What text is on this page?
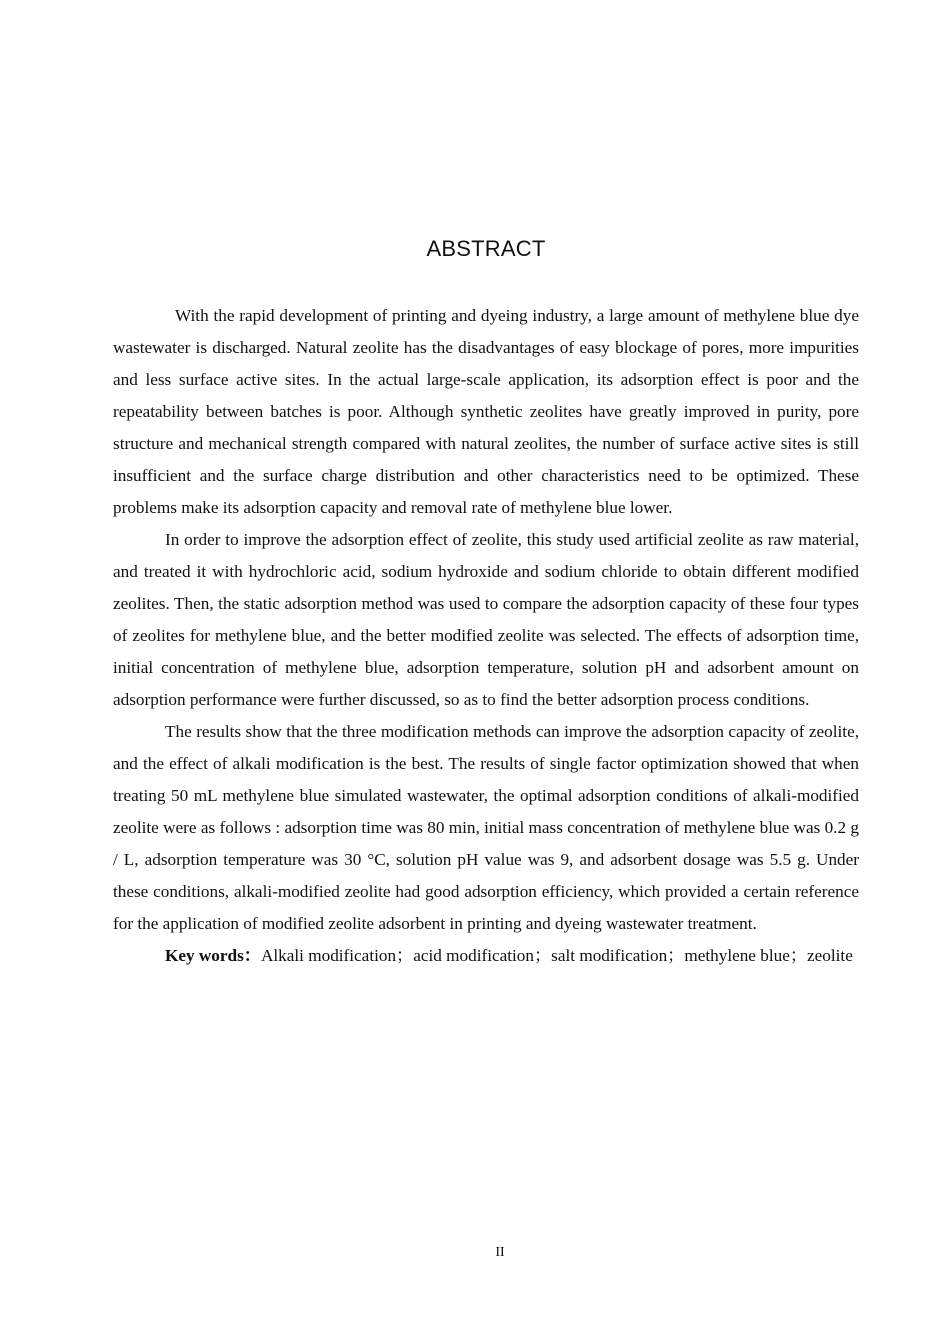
ABSTRACT

With the rapid development of printing and dyeing industry, a large amount of methylene blue dye wastewater is discharged. Natural zeolite has the disadvantages of easy blockage of pores, more impurities and less surface active sites. In the actual large-scale application, its adsorption effect is poor and the repeatability between batches is poor. Although synthetic zeolites have greatly improved in purity, pore structure and mechanical strength compared with natural zeolites, the number of surface active sites is still insufficient and the surface charge distribution and other characteristics need to be optimized. These problems make its adsorption capacity and removal rate of methylene blue lower.

In order to improve the adsorption effect of zeolite, this study used artificial zeolite as raw material, and treated it with hydrochloric acid, sodium hydroxide and sodium chloride to obtain different modified zeolites. Then, the static adsorption method was used to compare the adsorption capacity of these four types of zeolites for methylene blue, and the better modified zeolite was selected. The effects of adsorption time, initial concentration of methylene blue, adsorption temperature, solution pH and adsorbent amount on adsorption performance were further discussed, so as to find the better adsorption process conditions.

The results show that the three modification methods can improve the adsorption capacity of zeolite, and the effect of alkali modification is the best. The results of single factor optimization showed that when treating 50 mL methylene blue simulated wastewater, the optimal adsorption conditions of alkali-modified zeolite were as follows : adsorption time was 80 min, initial mass concentration of methylene blue was 0.2 g / L, adsorption temperature was 30 °C, solution pH value was 9, and adsorbent dosage was 5.5 g. Under these conditions, alkali-modified zeolite had good adsorption efficiency, which provided a certain reference for the application of modified zeolite adsorbent in printing and dyeing wastewater treatment.

Key words：Alkali modification；acid modification；salt modification；methylene blue；zeolite

II
